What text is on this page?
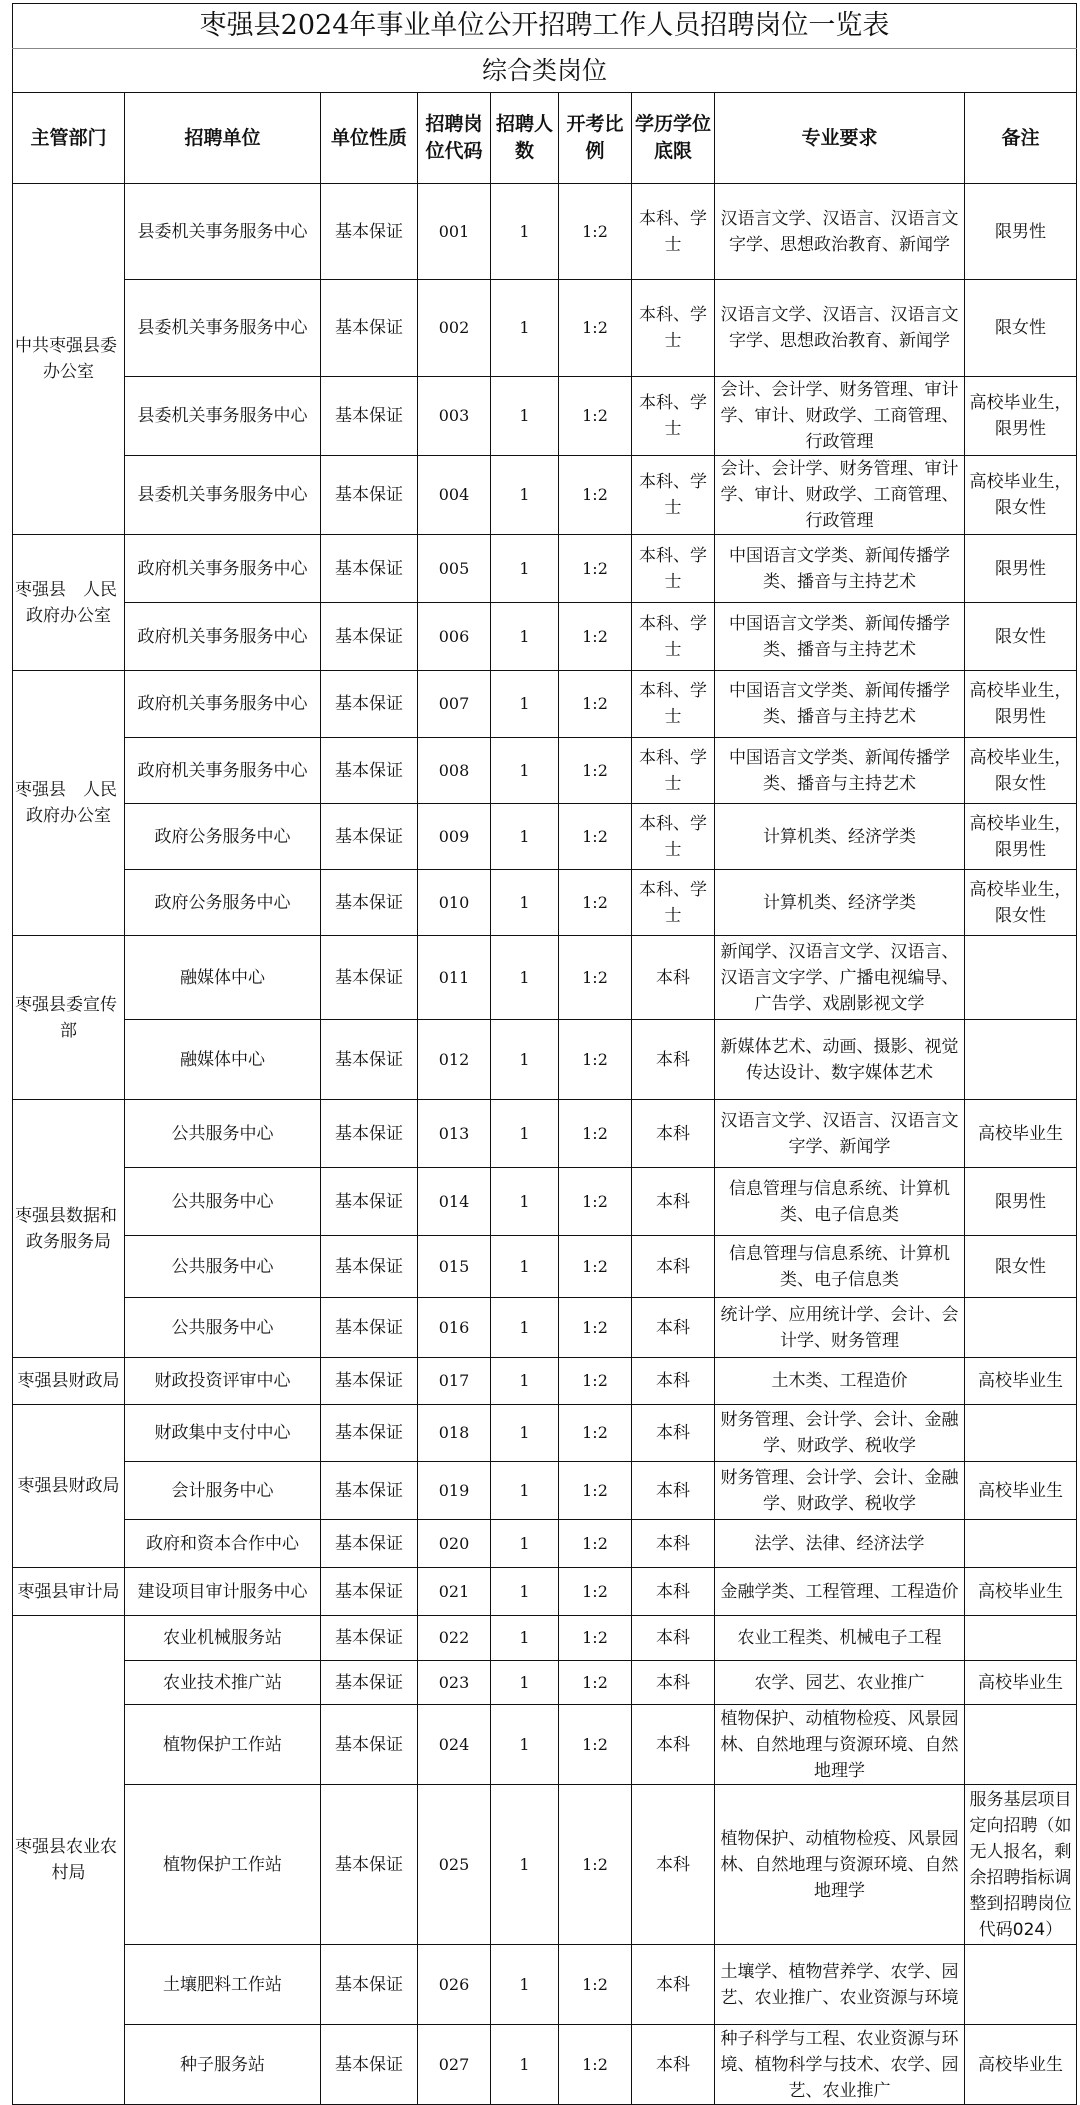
枣强县2024年事业单位公开招聘工作人员招聘岗位一览表								
综合类岗位								
主管部门	招聘单位	单位性质	招聘岗位代码	招聘人数	开考比例	学历学位底限	专业要求	备注
中共枣强县委办公室	县委机关事务服务中心	基本保证	001	1	1:2	本科、学士	汉语言文学、汉语言、汉语言文字学、思想政治教育、新闻学	限男性
	县委机关事务服务中心	基本保证	002	1	1:2	本科、学士	汉语言文学、汉语言、汉语言文字学、思想政治教育、新闻学	限女性
	县委机关事务服务中心	基本保证	003	1	1:2	本科、学士	会计、会计学、财务管理、审计学、审计、财政学、工商管理、行政管理	高校毕业生，限男性
	县委机关事务服务中心	基本保证	004	1	1:2	本科、学士	会计、会计学、财务管理、审计学、审计、财政学、工商管理、行政管理	高校毕业生，限女性
枣强县　人民政府办公室	政府机关事务服务中心	基本保证	005	1	1:2	本科、学士	中国语言文学类、新闻传播学类、播音与主持艺术	限男性
	政府机关事务服务中心	基本保证	006	1	1:2	本科、学士	中国语言文学类、新闻传播学类、播音与主持艺术	限女性
枣强县　人民政府办公室	政府机关事务服务中心	基本保证	007	1	1:2	本科、学士	中国语言文学类、新闻传播学类、播音与主持艺术	高校毕业生，限男性
	政府机关事务服务中心	基本保证	008	1	1:2	本科、学士	中国语言文学类、新闻传播学类、播音与主持艺术	高校毕业生，限女性
	政府公务服务中心	基本保证	009	1	1:2	本科、学士	计算机类、经济学类	高校毕业生，限男性
	政府公务服务中心	基本保证	010	1	1:2	本科、学士	计算机类、经济学类	高校毕业生，限女性
枣强县委宣传部	融媒体中心	基本保证	011	1	1:2	本科	新闻学、汉语言文学、汉语言、汉语言文字学、广播电视编导、广告学、戏剧影视文学	
	融媒体中心	基本保证	012	1	1:2	本科	新媒体艺术、动画、摄影、视觉传达设计、数字媒体艺术	
枣强县数据和政务服务局	公共服务中心	基本保证	013	1	1:2	本科	汉语言文学、汉语言、汉语言文字学、新闻学	高校毕业生
	公共服务中心	基本保证	014	1	1:2	本科	信息管理与信息系统、计算机类、电子信息类	限男性
	公共服务中心	基本保证	015	1	1:2	本科	信息管理与信息系统、计算机类、电子信息类	限女性
	公共服务中心	基本保证	016	1	1:2	本科	统计学、应用统计学、会计、会计学、财务管理	
枣强县财政局	财政投资评审中心	基本保证	017	1	1:2	本科	土木类、工程造价	高校毕业生
枣强县财政局	财政集中支付中心	基本保证	018	1	1:2	本科	财务管理、会计学、会计、金融学、财政学、税收学	
	会计服务中心	基本保证	019	1	1:2	本科	财务管理、会计学、会计、金融学、财政学、税收学	高校毕业生
	政府和资本合作中心	基本保证	020	1	1:2	本科	法学、法律、经济法学	
枣强县审计局	建设项目审计服务中心	基本保证	021	1	1:2	本科	金融学类、工程管理、工程造价	高校毕业生
枣强县农业农村局	农业机械服务站	基本保证	022	1	1:2	本科	农业工程类、机械电子工程	
	农业技术推广站	基本保证	023	1	1:2	本科	农学、园艺、农业推广	高校毕业生
	植物保护工作站	基本保证	024	1	1:2	本科	植物保护、动植物检疫、风景园林、自然地理与资源环境、自然地理学	
	植物保护工作站	基本保证	025	1	1:2	本科	植物保护、动植物检疫、风景园林、自然地理与资源环境、自然地理学	服务基层项目定向招聘（如无人报名，剩余招聘指标调整到招聘岗位代码024）
	土壤肥料工作站	基本保证	026	1	1:2	本科	土壤学、植物营养学、农学、园艺、农业推广、农业资源与环境	
	种子服务站	基本保证	027	1	1:2	本科	种子科学与工程、农业资源与环境、植物科学与技术、农学、园艺、农业推广	高校毕业生
